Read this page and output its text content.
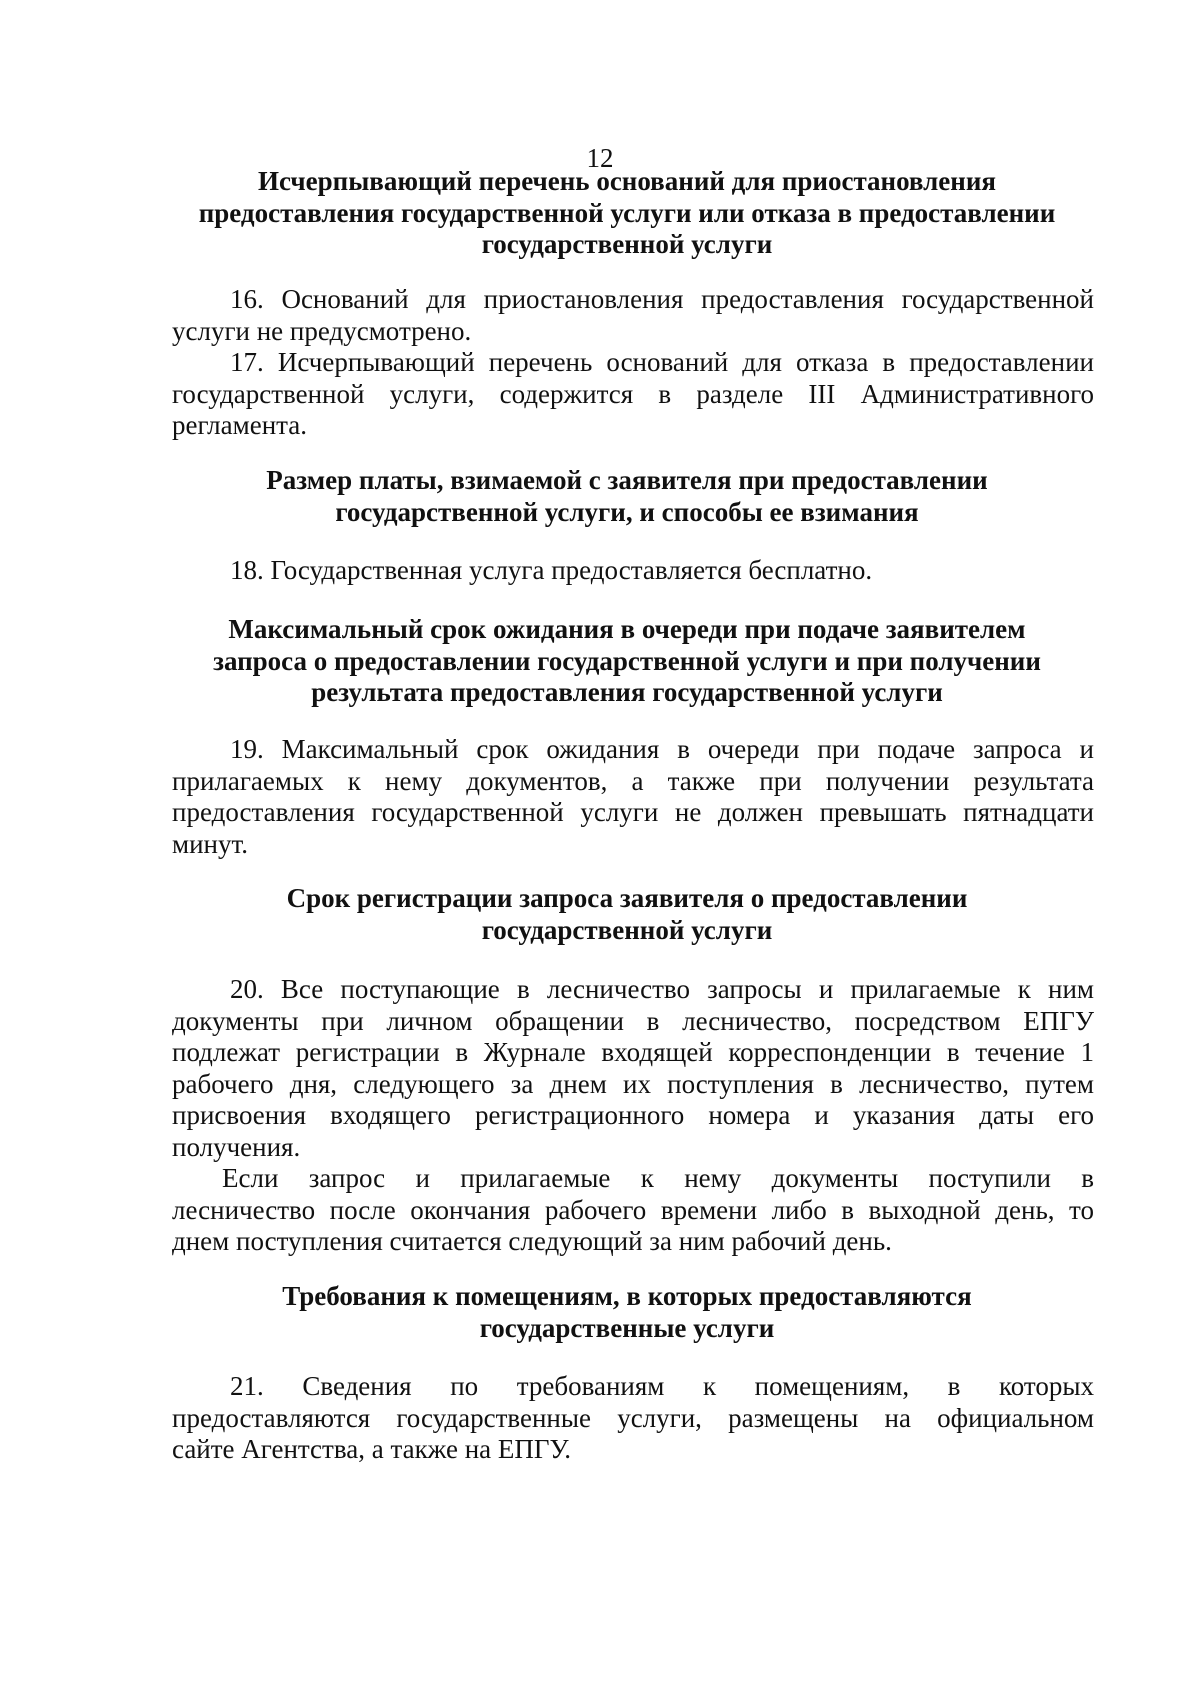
12
Исчерпывающий перечень оснований для приостановления
предоставления государственной услуги или отказа в предоставлении
государственной услуги
16. Оснований для приостановления предоставления государственной
услуги не предусмотрено.
17. Исчерпывающий перечень оснований для отказа в предоставлении
государственной услуги, содержится в разделе III Административного
регламента.
Размер платы, взимаемой с заявителя при предоставлении
государственной услуги, и способы ее взимания
18. Государственная услуга предоставляется бесплатно.
Максимальный срок ожидания в очереди при подаче заявителем
запроса о предоставлении государственной услуги и при получении
результата предоставления государственной услуги
19. Максимальный срок ожидания в очереди при подаче запроса и
прилагаемых к нему документов, а также при получении результата
предоставления государственной услуги не должен превышать пятнадцати
минут.
Срок регистрации запроса заявителя о предоставлении
государственной услуги
20. Все поступающие в лесничество запросы и прилагаемые к ним
документы при личном обращении в лесничество, посредством ЕПГУ
подлежат регистрации в Журнале входящей корреспонденции в течение 1
рабочего дня, следующего за днем их поступления в лесничество, путем
присвоения входящего регистрационного номера и указания даты его
получения.
Если запрос и прилагаемые к нему документы поступили в
лесничество после окончания рабочего времени либо в выходной день, то
днем поступления считается следующий за ним рабочий день.
Требования к помещениям, в которых предоставляются
государственные услуги
21. Сведения по требованиям к помещениям, в которых
предоставляются государственные услуги, размещены на официальном
сайте Агентства, а также на ЕПГУ.
